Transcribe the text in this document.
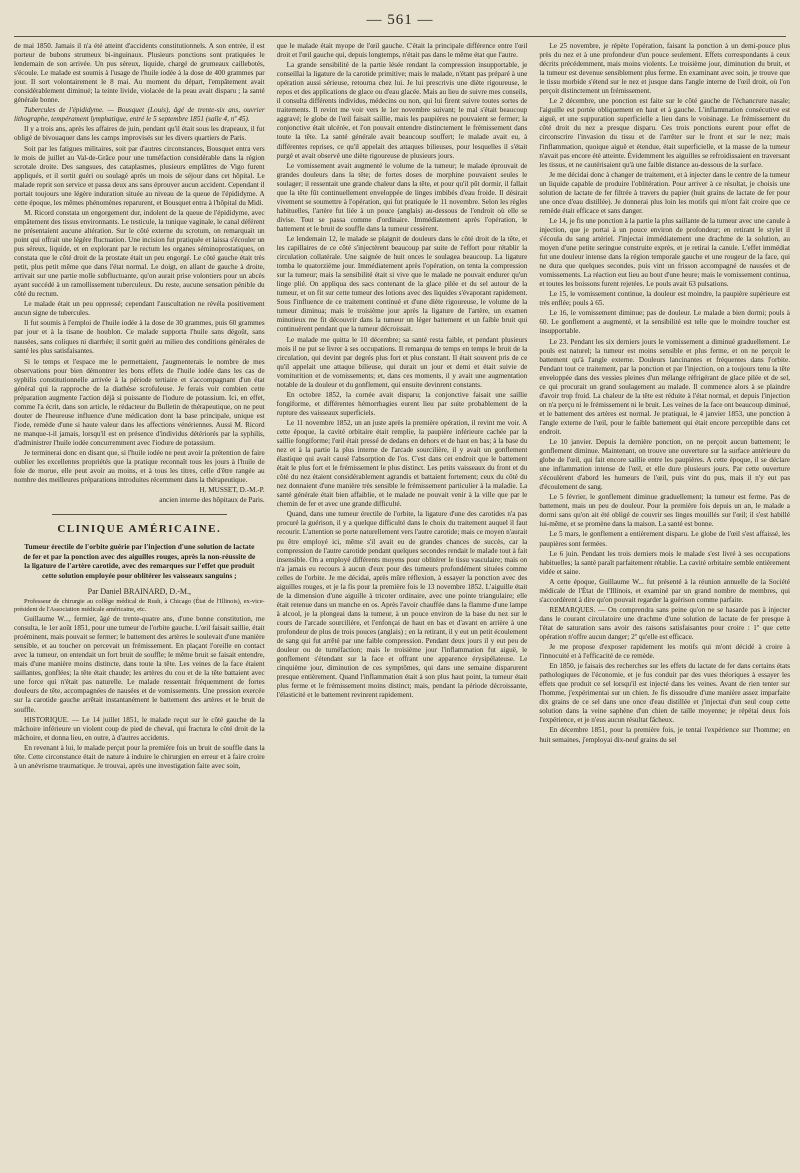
— 561 —

de mai 1850. Jamais il n'a été atteint d'accidents constitutionnels. A son entrée, il est porteur de bubons strumeux bi-inguinaux. Plusieurs ponctions sont pratiquées le lendemain de son arrivée. Un pus séreux, liquide, chargé de grumeaux caillebotés, s'écoule. Le malade est soumis à l'usage de l'huile iodée à la dose de 400 grammes par jour. Il sort volontairement le 8 mai. Au moment du départ, l'empâtement avait considérablement diminué; la teinte livide, violacée de la peau avait disparu ; la santé générale bonne.

Tubercules de l'épididyme. — Bousquet (Louis), âgé de trente-six ans, ouvrier lithographe, tempérament lymphatique, entré le 5 septembre 1851 (salle 4, nº 45).

Il y a trois ans, après les affaires de juin, pendant qu'il était sous les drapeaux, il fut obligé de bivouaquer dans les camps improvisés sur les divers quartiers de Paris.

Soit par les fatigues militaires, soit par d'autres circonstances, Bousquet entra vers le mois de juillet au Val-de-Grâce pour une tuméfaction considérable dans la région scrotale droite. Des sangsues, des cataplasmes, plusieurs emplâtres de Vigo furent appliqués, et il sortit guéri ou soulagé après un mois de séjour dans cet hôpital. Le malade reprit son service et passa deux ans sans éprouver aucun accident. Cependant il portait toujours une légère induration située au niveau de la queue de l'épididyme. A cette époque, les mêmes phénomènes reparurent, et Bousquet entra à l'hôpital du Midi.

M. Ricord constata un engorgement dur, indolent de la queue de l'épididyme, avec empâtement des tissus environnants. Le testicule, la tunique vaginale, le canal déférent ne présentaient aucune altération. Sur le côté externe du scrotum, on remarquait un point qui offrait une légère fluctuation. Une incision fut pratiquée et laissa s'écouler un pus séreux, liquide, et en explorant par le rectum les organes séminoprostatiques, on constata que le côté droit de la prostate était un peu engorgé. Le côté gauche était très petit, plus petit même que dans l'état normal. Le doigt, en allant de gauche à droite, arrivait sur une partie molle subfluctuante, qu'on aurait prise volontiers pour un abcès ayant succédé à un ramollissement tuberculeux. Du reste, aucune sensation pénible du côté du rectum.

Le malade était un peu oppressé; cependant l'auscultation ne révéla positivement aucun signe de tubercules.

Il fut soumis à l'emploi de l'huile iodée à la dose de 30 grammes, puis 60 grammes par jour et à la tisane de houblon. Ce malade supporta l'huile sans dégoût, sans nausées, sans coliques ni diarrhée; il sortit guéri au milieu des conditions générales de santé les plus satisfaisantes.

Si le temps et l'espace me le permettaient, j'augmenterais le nombre de mes observations pour bien démontrer les bons effets de l'huile iodée dans les cas de syphilis constitutionnelle arrivée à la période tertiaire et s'accompagnant d'un état général qui la rapproche de la diathèse scrofuleuse. Je ferais voir combien cette préparation augmente l'action déjà si puissante de l'iodure de potassium. Ici, en effet, comme l'a écrit, dans son article, le rédacteur du Bulletin de thérapeutique, on ne peut douter de l'heureuse influence d'une médication dont la base principale, unique est l'iode, remède d'une si haute valeur dans les affections vénériennes. Aussi M. Ricord ne manque-t-il jamais, lorsqu'il est en présence d'individus détériorés par la syphilis, d'administrer l'huile iodée concurremment avec l'iodure de potassium.

Je terminerai donc en disant que, si l'huile iodée ne peut avoir la prétention de faire oublier les excellentes propriétés que la pratique reconnaît tous les jours à l'huile de foie de morue, elle peut avoir au moins, et à tous les titres, celle d'être rangée au nombre des meilleures préparations introduites récemment dans la thérapeutique.

H. MUSSET, D.-M.-P.

ancien interne des hôpitaux de Paris.

CLINIQUE AMÉRICAINE.
Tumeur érectile de l'orbite guérie par l'injection d'une solution de lactate de fer et par la ponction avec des aiguilles rouges, après la non-réussite de la ligature de l'artère carotide, avec des remarques sur l'effet que produit cette solution employée pour oblitérer les vaisseaux sanguins ;
Par Daniel BRAINARD, D.-M.,

Professeur de chirurgie au collège médical de Rush, à Chicago (État de l'Illinois), ex-vice-président de l'Association médicale américaine, etc.

Guillaume W..., fermier, âgé de trente-quatre ans, d'une bonne constitution, me consulta, le 1er août 1851, pour une tumeur de l'orbite gauche. L'œil faisait saillie, était proéminent, mais pouvait se fermer; le battement des artères le soulevait d'une manière sensible, et au toucher on percevait un frémissement. En plaçant l'oreille en contact avec la tumeur, on entendait un fort bruit de souffle; le même bruit se faisait entendre, mais d'une manière moins distincte, dans toute la tête. Les veines de la face étaient saillantes, gonflées; la tête était chaude; les artères du cou et de la tête battaient avec une force qui n'était pas naturelle. Le malade ressentait fréquemment de fortes douleurs de tête, accompagnées de nausées et de vomissements. Une pression exercée sur la carotide gauche arrêtait instantanément le battement des artères et le bruit de souffle.

HISTORIQUE. — Le 14 juillet 1851, le malade reçut sur le côté gauche de la mâchoire inférieure un violent coup de pied de cheval, qui fractura le côté droit de la mâchoire, et donna lieu, en outre, à d'autres accidents.

En revenant à lui, le malade perçut pour la première fois un bruit de souffle dans la tête. Cette circonstance était de nature à induire le chirurgien en erreur et à faire croire à un anévrisme traumatique. Je trouvai, après une investigation faite avec soin,

que le malade était myope de l'œil gauche. C'était la principale différence entre l'œil droit et l'œil gauche qui, depuis longtemps, n'était pas dans le même état que l'autre.

La grande sensibilité de la partie lésée rendant la compression insupportable, je conseillai la ligature de la carotide primitive; mais le malade, n'étant pas préparé à une opération aussi sérieuse, retourna chez lui. Je lui prescrivis une diète rigoureuse, le repos et des applications de glace ou d'eau glacée. Mais au lieu de suivre mes conseils, il consulta différents individus, médecins ou non, qui lui firent suivre toutes sortes de traitements. Il revint me voir vers le 1er novembre suivant; le mal s'était beaucoup aggravé; le globe de l'œil faisait saillie, mais les paupières ne pouvaient se fermer; la conjonctive était ulcérée, et l'on pouvait entendre distinctement le frémissement dans toute la tête. La santé générale avait beaucoup souffert; le malade avait eu, à différentes reprises, ce qu'il appelait des attaques bilieuses, pour lesquelles il s'était purgé et avait observé une diète rigoureuse de plusieurs jours.

Le vomissement avait augmenté le volume de la tumeur; le malade éprouvait de grandes douleurs dans la tête; de fortes doses de morphine pouvaient seules le soulager; il ressentait une grande chaleur dans la tête, et pour qu'il pût dormir, il fallait que la tête fût continuellement enveloppée de linges imbibés d'eau froide. Il désirait vivement se soumettre à l'opération, qui fut pratiquée le 11 novembre. Selon les règles habituelles, l'artère fut liée à un pouce (anglais) au-dessous de l'endroit où elle se divise. Tout se passa comme d'ordinaire. Immédiatement après l'opération, le battement et le bruit de souffle dans la tumeur cessèrent.

Le lendemain 12, le malade se plaignit de douleurs dans le côté droit de la tête, et les capillaires de ce côté s'injectèrent beaucoup par suite de l'effort pour rétablir la circulation collatérale. Une saignée de huit onces le soulagea beaucoup. La ligature tomba le quatorzième jour. Immédiatement après l'opération, on tenta la compression sur la tumeur; mais la sensibilité était si vive que le malade ne pouvait endurer qu'un linge plié. On appliqua des sacs contenant de la glace pilée et du sel autour de la tumeur, et on fit sur cette tumeur des lotions avec des liquides s'évaporant rapidement. Sous l'influence de ce traitement continué et d'une diète rigoureuse, le volume de la tumeur diminua; mais le troisième jour après la ligature de l'artère, un examen minutieux me fit découvrir dans la tumeur un léger battement et un faible bruit qui continuèrent pendant que la tumeur décroissait.

Le malade me quitta le 10 décembre; sa santé resta faible, et pendant plusieurs mois il ne put se livrer à ses occupations. Il remarqua de temps en temps le bruit de la circulation, qui devint par degrés plus fort et plus constant. Il était souvent pris de ce qu'il appelait une attaque bilieuse, qui durait un jour et demi et était suivie de vomiturition et de vomissements; et, dans ces moments, il y avait une augmentation notable de la douleur et du gonflement, qui ensuite devinrent constants.

En octobre 1852, la cornée avait disparu; la conjonctive faisait une saillie fongiforme, et différentes hémorrhagies eurent lieu par suite probablement de la rupture des vaisseaux superficiels.

Le 11 novembre 1852, un an juste après la première opération, il revint me voir. A cette époque, la cavité orbitaire était remplie, la paupière inférieure cachée par la saillie fongiforme; l'œil était pressé de dedans en dehors et de haut en bas; à la base du nez et à la partie la plus interne de l'arcade sourcilière, il y avait un gonflement élastique qui avait causé l'absorption de l'os. C'est dans cet endroit que le battement était le plus fort et le frémissement le plus distinct. Les petits vaisseaux du front et du côté du nez étaient considérablement agrandis et battaient fortement; ceux du côté du nez donnaient d'une manière très sensible le frémissement particulier à la maladie. La santé générale était bien affaiblie, et le malade ne pouvait venir à la ville que par le chemin de fer et avec une grande difficulté.

Quand, dans une tumeur érectile de l'orbite, la ligature d'une des carotides n'a pas procuré la guérison, il y a quelque difficulté dans le choix du traitement auquel il faut recourir. L'attention se porte naturellement vers l'autre carotide; mais ce moyen n'aurait pu être employé ici, même s'il avait eu de grandes chances de succès, car la compression de l'autre carotide pendant quelques secondes rendait le malade tout à fait insensible. On a employé différents moyens pour oblitérer le tissu vasculaire; mais on n'a jamais eu recours à aucun d'eux pour des tumeurs profondément situées comme celles de l'orbite. Je me décidai, après mûre réflexion, à essayer la ponction avec des aiguilles rouges, et je la fis pour la première fois le 13 novembre 1852. L'aiguille était de la dimension d'une aiguille à tricoter ordinaire, avec une pointe triangulaire; elle était retenue dans un manche en os. Après l'avoir chauffée dans la flamme d'une lampe à alcool, je la plongeai dans la tumeur, à un pouce environ de la base du nez sur le cours de l'arcade sourcilière, et l'enfonçai de haut en bas et d'avant en arrière à une profondeur de plus de trois pouces (anglais) ; en la retirant, il y eut un petit écoulement de sang qui fut arrêté par une faible compression. Pendant deux jours il y eut peu de douleur ou de tuméfaction; mais le troisième jour l'inflammation fut aiguë, le gonflement s'étendant sur la face et offrant une apparence érysipélateuse. Le cinquième jour, diminution de ces symptômes, qui dans une semaine disparurent presque entièrement. Quand l'inflammation était à son plus haut point, la tumeur était plus ferme et le frémissement moins distinct; mais, pendant la période décroissante, l'élasticité et le battement revinrent rapidement.

Le 25 novembre, je répète l'opération, faisant la ponction à un demi-pouce plus près du nez et à une profondeur d'un pouce seulement. Effets correspondants à ceux décrits précédemment, mais moins violents. Le troisième jour, diminution du bruit, et la tumeur est devenue sensiblement plus ferme. En examinant avec soin, je trouve que le tissu morbide s'étend sur le nez et jusque dans l'angle interne de l'œil droit, où l'on perçoit distinctement un frémissement.

Le 2 décembre, une ponction est faite sur le côté gauche de l'échancrure nasale; l'aiguille est portée obliquement en haut et à gauche. L'inflammation consécutive est aiguë, et une suppuration superficielle a lieu dans le voisinage. Le frémissement du côté droit du nez a presque disparu. Ces trois ponctions eurent pour effet de circonscrire l'invasion du tissu et de l'arrêter sur le front et sur le nez; mais l'inflammation, quoique aiguë et étendue, était superficielle, et la masse de la tumeur n'avait pas encore été atteinte. Évidemment les aiguilles se refroidissaient en traversant les tissus, et ne cautérisaient qu'à une faible distance au-dessous de la surface.

Je me décidai donc à changer de traitement, et à injecter dans le centre de la tumeur un liquide capable de produire l'oblitération. Pour arriver à ce résultat, je choisis une solution de lactate de fer filtrée à travers du papier (huit grains de lactate de fer pour une once d'eau distillée). Je donnerai plus loin les motifs qui m'ont fait croire que ce remède était efficace et sans danger.

Le 14, je fis une ponction à la partie la plus saillante de la tumeur avec une canule à injection, que je portai à un pouce environ de profondeur; en retirant le stylet il s'écoula du sang artériel. J'injectai immédiatement une drachme de la solution, au moyen d'une petite seringue construite exprès, et je retirai la canule. L'effet immédiat fut une douleur intense dans la région temporale gauche et une rougeur de la face, qui ne dura que quelques secondes, puis vint un frisson accompagné de nausées et de vomissements. La réaction eut lieu au bout d'une heure; mais le vomissement continua, et toutes les boissons furent rejetées. Le pouls avait 63 pulsations.

Le 15, le vomissement continue, la douleur est moindre, la paupière supérieure est très enflée; pouls à 65.

Le 16, le vomissement diminue; pas de douleur. Le malade a bien dormi; pouls à 60. Le gonflement a augmenté, et la sensibilité est telle que le moindre toucher est insupportable.

Le 23. Pendant les six derniers jours le vomissement a diminué graduellement. Le pouls est naturel; la tumeur est moins sensible et plus ferme, et on ne perçoit le battement qu'à l'angle externe. Douleurs lancinantes et fréquentes dans l'orbite. Pendant tout ce traitement, par la ponction et par l'injection, on a toujours tenu la tête enveloppée dans des vessies pleines d'un mélange réfrigérant de glace pilée et de sel, ce qui procurait un grand soulagement au malade. Il commence alors à se plaindre d'avoir trop froid. La chaleur de la tête est réduite à l'état normal, et depuis l'injection on n'a perçu ni le frémissement ni le bruit. Les veines de la face ont beaucoup diminué, et le battement des artères est normal. Je pratiquai, le 4 janvier 1853, une ponction à l'angle externe de l'œil, pour le faible battement qui était encore perceptible dans cet endroit.

Le 10 janvier. Depuis la dernière ponction, on ne perçoit aucun battement; le gonflement diminue. Maintenant, on trouve une ouverture sur la surface antérieure du globe de l'œil, qui fait encore saillie entre les paupières. A cette époque, il se déclare une inflammation intense de l'œil, et elle dure plusieurs jours. Par cette ouverture s'écoulèrent d'abord les humeurs de l'œil, puis vint du pus, mais il n'y eut pas d'écoulement de sang.

Le 5 février, le gonflement diminue graduellement; la tumeur est ferme. Pas de battement, mais un peu de douleur. Pour la première fois depuis un an, le malade a dormi sans qu'on ait été obligé de couvrir ses linges mouillés sur l'œil; il s'est habillé lui-même, et se promène dans la maison. La santé est bonne.

Le 5 mars, le gonflement a entièrement disparu. Le globe de l'œil s'est affaissé, les paupières sont fermées.

Le 6 juin. Pendant les trois derniers mois le malade s'est livré à ses occupations habituelles; la santé paraît parfaitement rétablie. La cavité orbitaire semble entièrement vidée et saine.

A cette époque, Guillaume W... fut présenté à la réunion annuelle de la Société médicale de l'État de l'Illinois, et examiné par un grand nombre de membres, qui s'accordèrent à dire qu'on pouvait regarder la guérison comme parfaite.

REMARQUES. — On comprendra sans peine qu'on ne se hasarde pas à injecter dans le courant circulatoire une drachme d'une solution de lactate de fer presque à l'état de saturation sans avoir des raisons satisfaisantes pour croire : 1º que cette opération n'offre aucun danger; 2º qu'elle est efficace.

Je me propose d'exposer rapidement les motifs qui m'ont décidé à croire à l'innocuité et à l'efficacité de ce remède.

En 1850, je faisais des recherches sur les effets du lactate de fer dans certains états pathologiques de l'économie, et je fus conduit par des vues théoriques à essayer les effets que produit ce sel lorsqu'il est injecté dans les veines. Avant de rien tenter sur l'homme, j'expérimentai sur un chien. Je fis dissoudre d'une manière assez imparfaite dix grains de ce sel dans une once d'eau distillée et j'injectai d'un seul coup cette solution dans la veine saphène d'un chien de taille moyenne; je répétai deux fois l'expérience, et je n'eus aucun résultat fâcheux.

En décembre 1851, pour la première fois, je tentai l'expérience sur l'homme; en huit semaines, j'employai dix-neuf grains du sel
